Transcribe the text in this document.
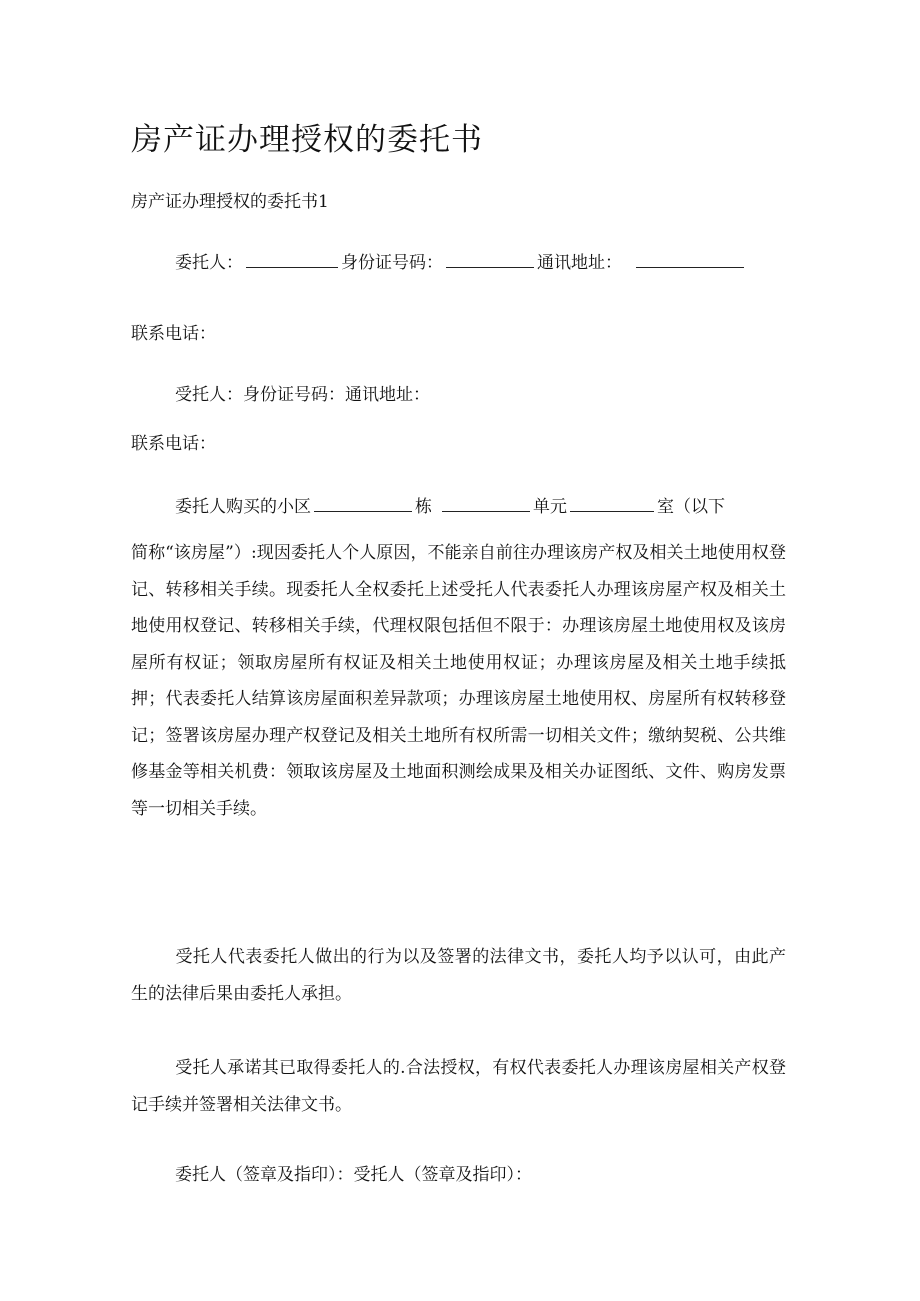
房产证办理授权的委托书
房产证办理授权的委托书1
委托人：	身份证号码：	通讯地址：
联系电话：
受托人：身份证号码：通讯地址：
联系电话：
委托人购买的小区	栋	单元	室（以下
简称“该房屋”）:现因委托人个人原因，不能亲自前往办理该房产权及相关土地使用权登记、转移相关手续。现委托人全权委托上述受托人代表委托人办理该房屋产权及相关土地使用权登记、转移相关手续，代理权限包括但不限于：办理该房屋土地使用权及该房屋所有权证；领取房屋所有权证及相关土地使用权证；办理该房屋及相关土地手续抵押；代表委托人结算该房屋面积差异款项；办理该房屋土地使用权、房屋所有权转移登记；签署该房屋办理产权登记及相关土地所有权所需一切相关文件；缴纳契税、公共维修基金等相关机费：领取该房屋及土地面积测绘成果及相关办证图纸、文件、购房发票等一切相关手续。
受托人代表委托人做出的行为以及签署的法律文书，委托人均予以认可，由此产生的法律后果由委托人承担。
受托人承诺其已取得委托人的.合法授权，有权代表委托人办理该房屋相关产权登记手续并签署相关法律文书。
委托人（签章及指印）：受托人（签章及指印）：
